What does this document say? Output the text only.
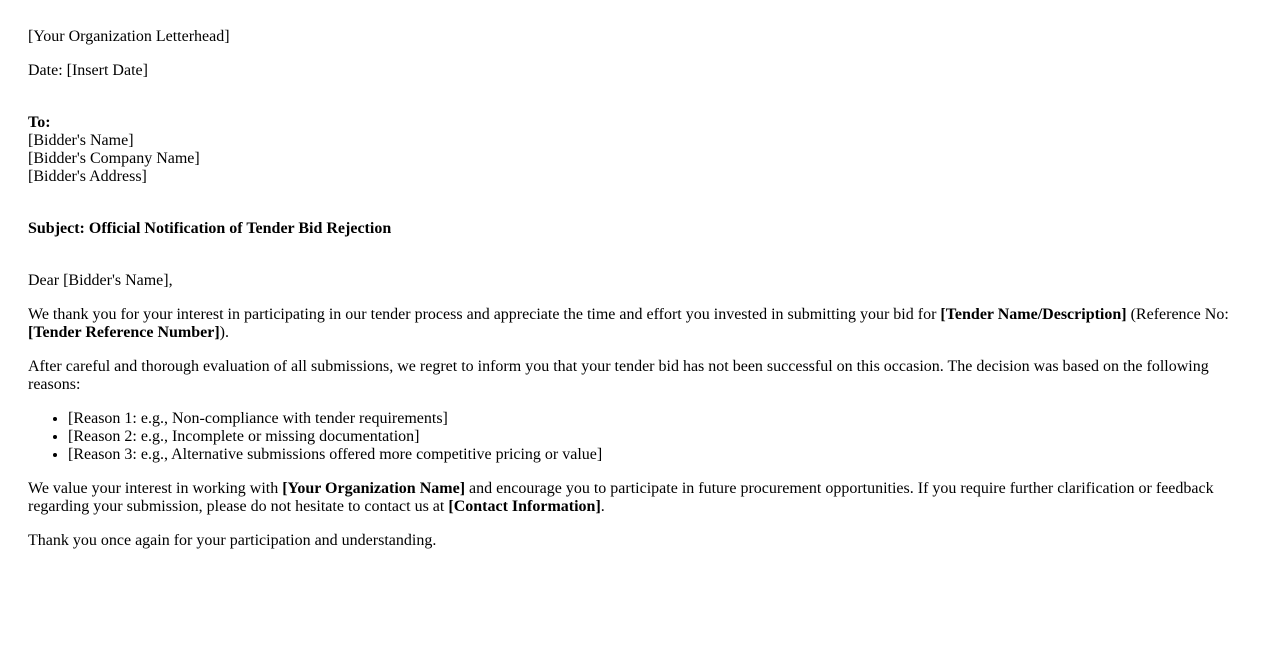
[Your Organization Letterhead]

Date: [Insert Date]

To:
[Bidder's Name]
[Bidder's Company Name]
[Bidder's Address]

Subject: Official Notification of Tender Bid Rejection

Dear [Bidder's Name],

We thank you for your interest in participating in our tender process and appreciate the time and effort you invested in submitting your bid for [Tender Name/Description] (Reference No: [Tender Reference Number]).

After careful and thorough evaluation of all submissions, we regret to inform you that your tender bid has not been successful on this occasion. The decision was based on the following reasons:

• [Reason 1: e.g., Non-compliance with tender requirements]
• [Reason 2: e.g., Incomplete or missing documentation]
• [Reason 3: e.g., Alternative submissions offered more competitive pricing or value]

We value your interest in working with [Your Organization Name] and encourage you to participate in future procurement opportunities. If you require further clarification or feedback regarding your submission, please do not hesitate to contact us at [Contact Information].

Thank you once again for your participation and understanding.
